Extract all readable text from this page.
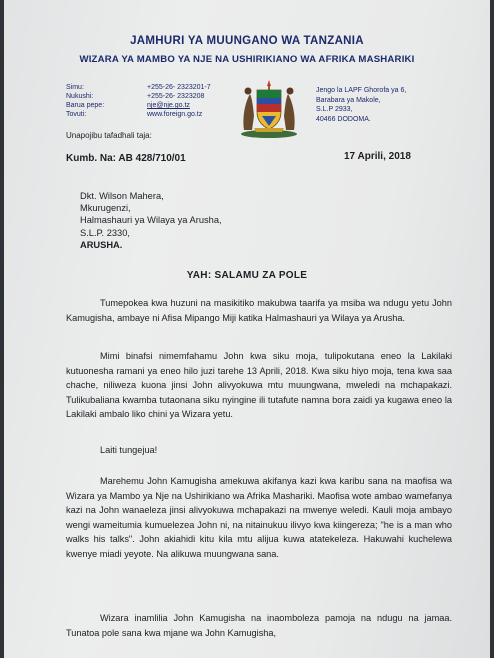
JAMHURI YA MUUNGANO WA TANZANIA
WIZARA YA MAMBO YA NJE NA USHIRIKIANO WA AFRIKA MASHARIKI
Simu:
Nukushi:
Barua pepe:
Tovuti:
+255-26- 2323201-7
+255-26- 2323208
nje@nje.go.tz
www.foreign.go.tz
Jengo la LAPF Ghorofa ya 6,
Barabara ya Makole,
S.L.P 2933,
40466 DODOMA.
Unapojibu tafadhali taja:
Kumb. Na: AB 428/710/01	17 Aprili, 2018
Dkt. Wilson Mahera,
Mkurugenzi,
Halmashauri ya Wilaya ya Arusha,
S.L.P. 2330,
ARUSHA.
YAH: SALAMU ZA POLE
Tumepokea kwa huzuni na masikitiko makubwa taarifa ya msiba wa ndugu yetu John Kamugisha, ambaye ni Afisa Mipango Miji katika Halmashauri ya Wilaya ya Arusha.
Mimi binafsi nimemfahamu John kwa siku moja, tulipokutana eneo la Lakilaki kutuonesha ramani ya eneo hilo juzi tarehe 13 Aprili, 2018. Kwa siku hiyo moja, tena kwa saa chache, niliweza kuona jinsi John alivyokuwa mtu muungwana, mweledi na mchapakazi. Tulikubaliana kwamba tutaonana siku nyingine ili tutafute namna bora zaidi ya kugawa eneo la Lakilaki ambalo liko chini ya Wizara yetu.
Laiti tungejua!
Marehemu John Kamugisha amekuwa akifanya kazi kwa karibu sana na maofisa wa Wizara ya Mambo ya Nje na Ushirikiano wa Afrika Mashariki. Maofisa wote ambao wamefanya kazi na John wanaeleza jinsi alivyokuwa mchapakazi na mwenye weledi. Kauli moja ambayo wengi wameitumia kumuelezea John ni, na nitainukuu ilivyo kwa kiingereza; "he is a man who walks his talks". John akiahidi kitu kila mtu alijua kuwa atatekeleza. Hakuwahi kuchelewa kwenye miadi yeyote. Na alikuwa muungwana sana.
Wizara inamlilia John Kamugisha na inaomboleza pamoja na ndugu na jamaa. Tunatoa pole sana kwa mjane wa John Kamugisha,
